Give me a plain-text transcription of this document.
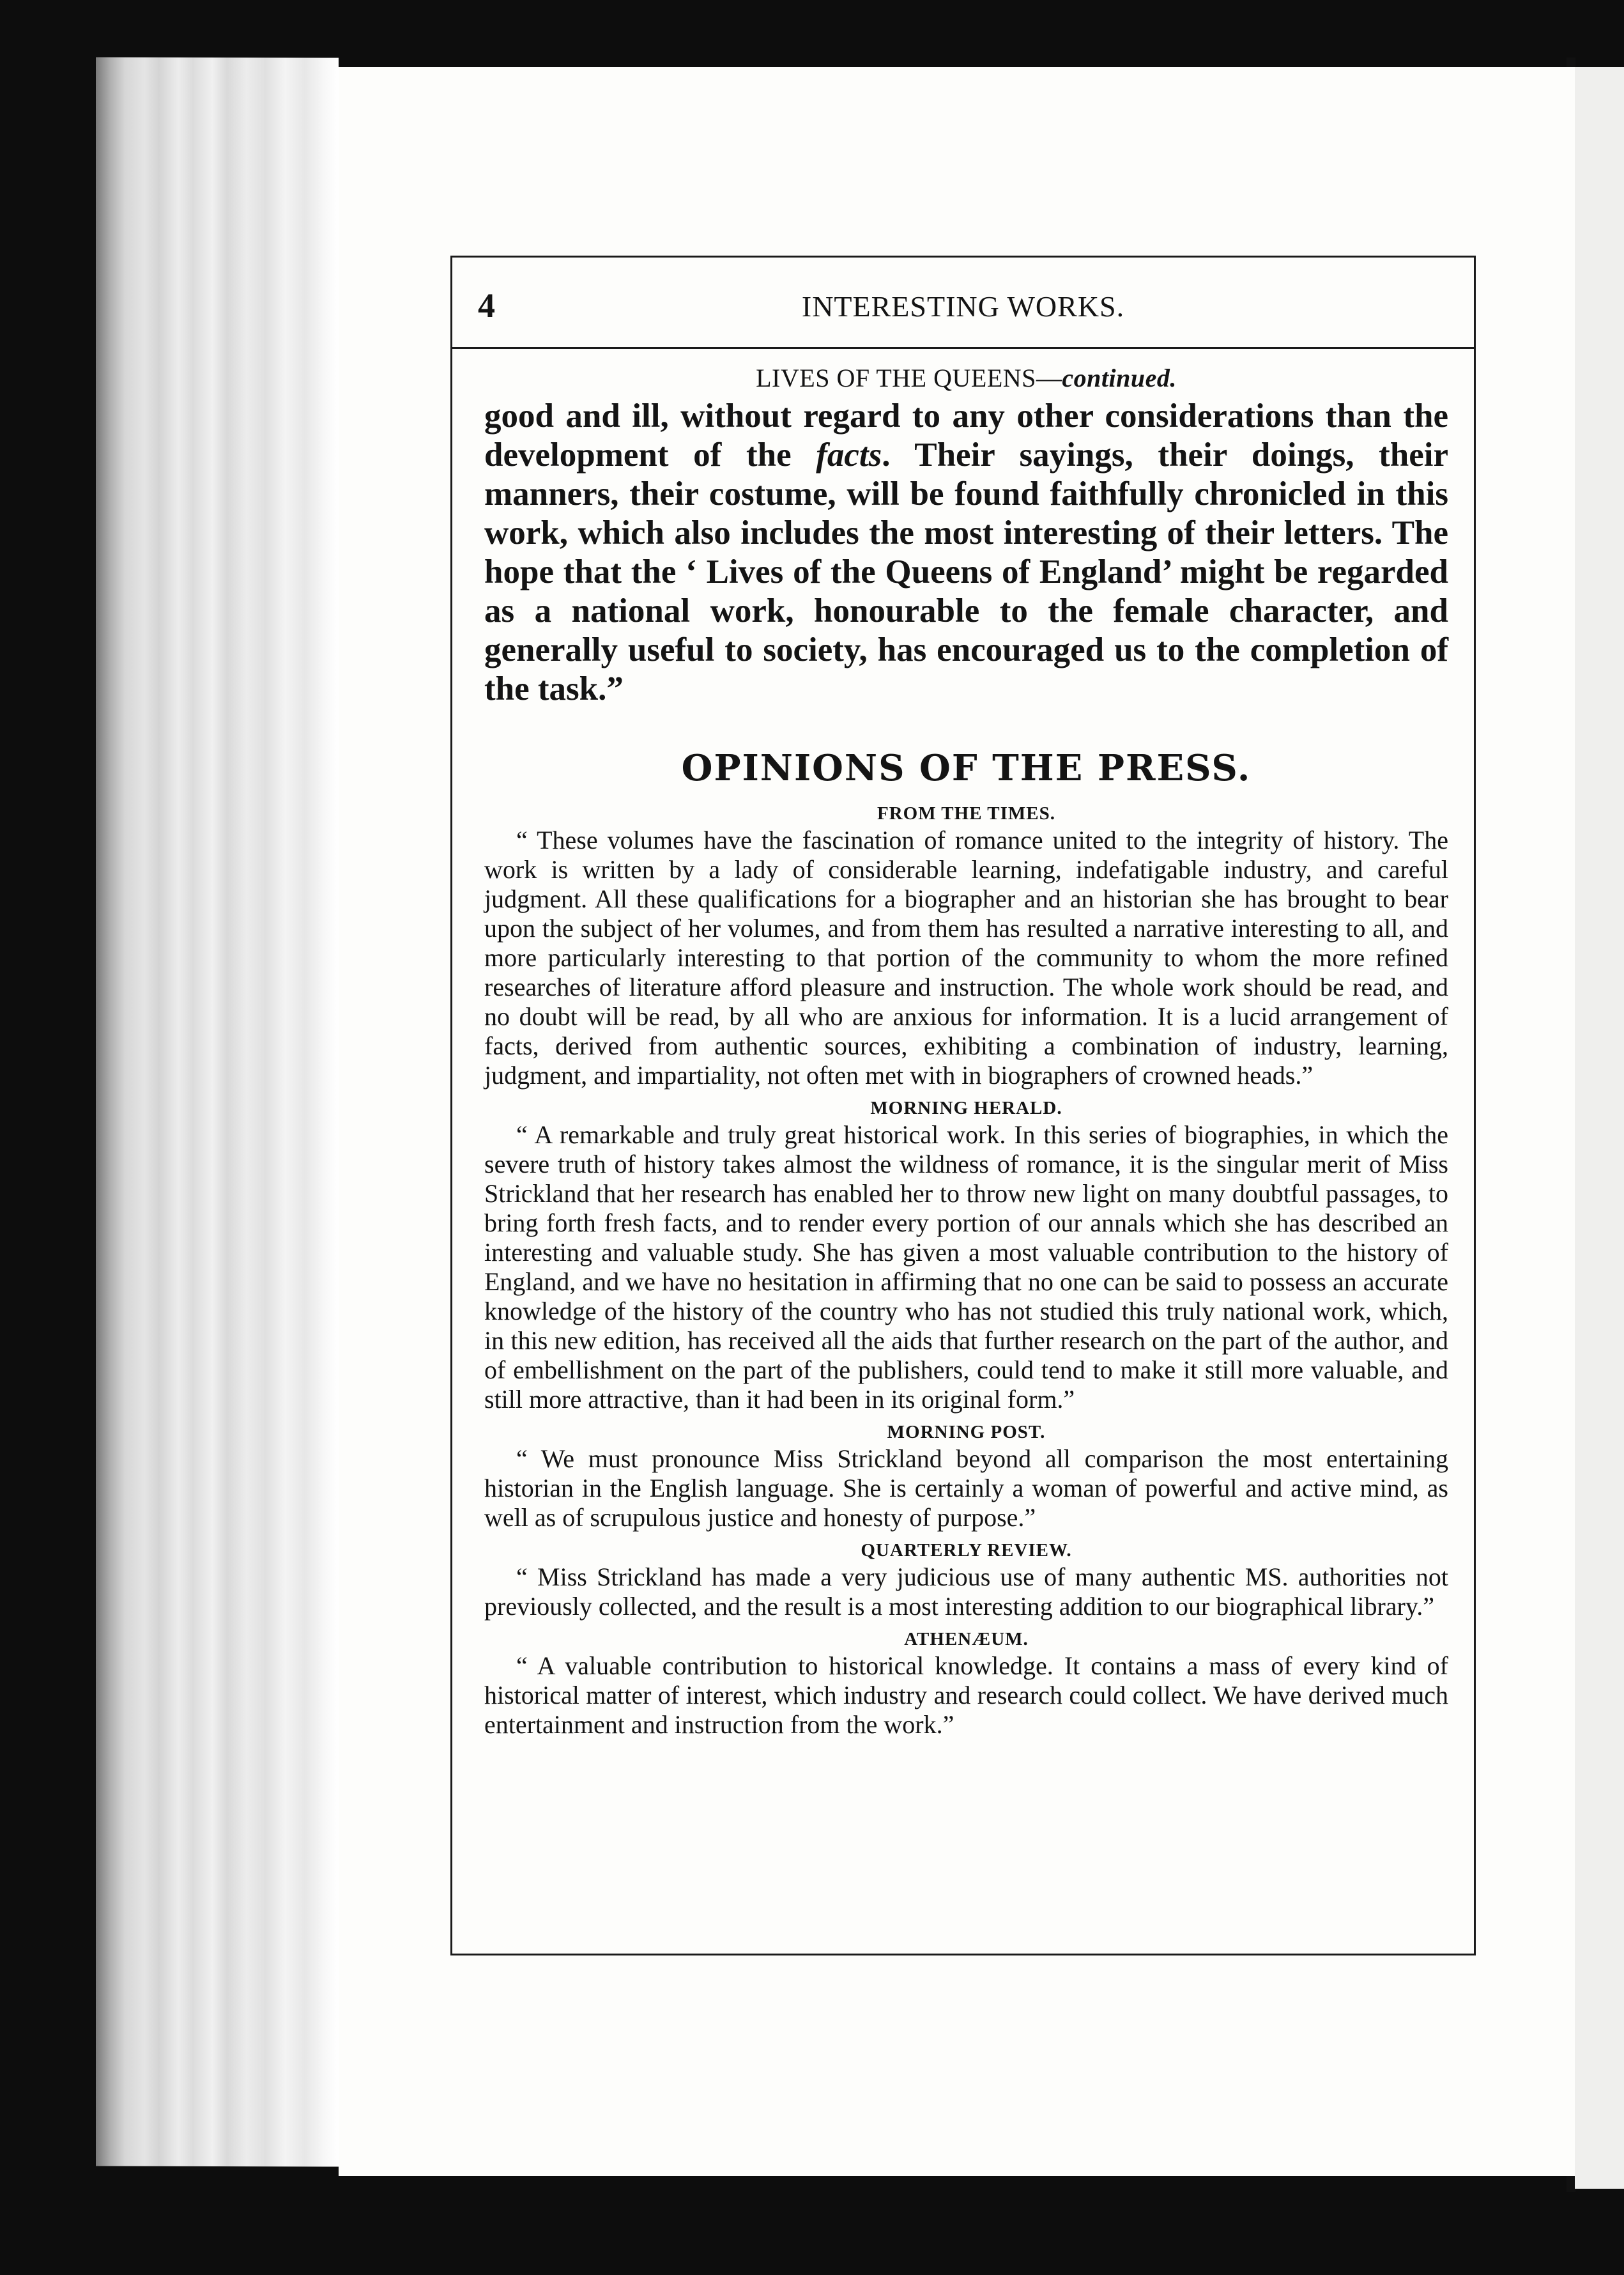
4	INTERESTING WORKS.
LIVES OF THE QUEENS—continued.

good and ill, without regard to any other considerations than the development of the facts. Their sayings, their doings, their manners, their costume, will be found faithfully chronicled in this work, which also includes the most interesting of their letters. The hope that the ‘ Lives of the Queens of England’ might be regarded as a national work, honourable to the female character, and generally useful to society, has encouraged us to the completion of the task.”

OPINIONS OF THE PRESS.
FROM THE TIMES.

“ These volumes have the fascination of romance united to the integrity of history. The work is written by a lady of considerable learning, indefatigable industry, and careful judgment. All these qualifications for a biographer and an historian she has brought to bear upon the subject of her volumes, and from them has resulted a narrative interesting to all, and more particularly interesting to that portion of the community to whom the more refined researches of literature afford pleasure and instruction. The whole work should be read, and no doubt will be read, by all who are anxious for information. It is a lucid arrangement of facts, derived from authentic sources, exhibiting a combination of industry, learning, judgment, and impartiality, not often met with in biographers of crowned heads.”

MORNING HERALD.

“ A remarkable and truly great historical work. In this series of biographies, in which the severe truth of history takes almost the wildness of romance, it is the singular merit of Miss Strickland that her research has enabled her to throw new light on many doubtful passages, to bring forth fresh facts, and to render every portion of our annals which she has described an interesting and valuable study. She has given a most valuable contribution to the history of England, and we have no hesitation in affirming that no one can be said to possess an accurate knowledge of the history of the country who has not studied this truly national work, which, in this new edition, has received all the aids that further research on the part of the author, and of embellishment on the part of the publishers, could tend to make it still more valuable, and still more attractive, than it had been in its original form.”

MORNING POST.

“ We must pronounce Miss Strickland beyond all comparison the most entertaining historian in the English language. She is certainly a woman of powerful and active mind, as well as of scrupulous justice and honesty of purpose.”

QUARTERLY REVIEW.

“ Miss Strickland has made a very judicious use of many authentic MS. authorities not previously collected, and the result is a most interesting addition to our biographical library.”

ATHENÆUM.

“ A valuable contribution to historical knowledge. It contains a mass of every kind of historical matter of interest, which industry and research could collect. We have derived much entertainment and instruction from the work.”
